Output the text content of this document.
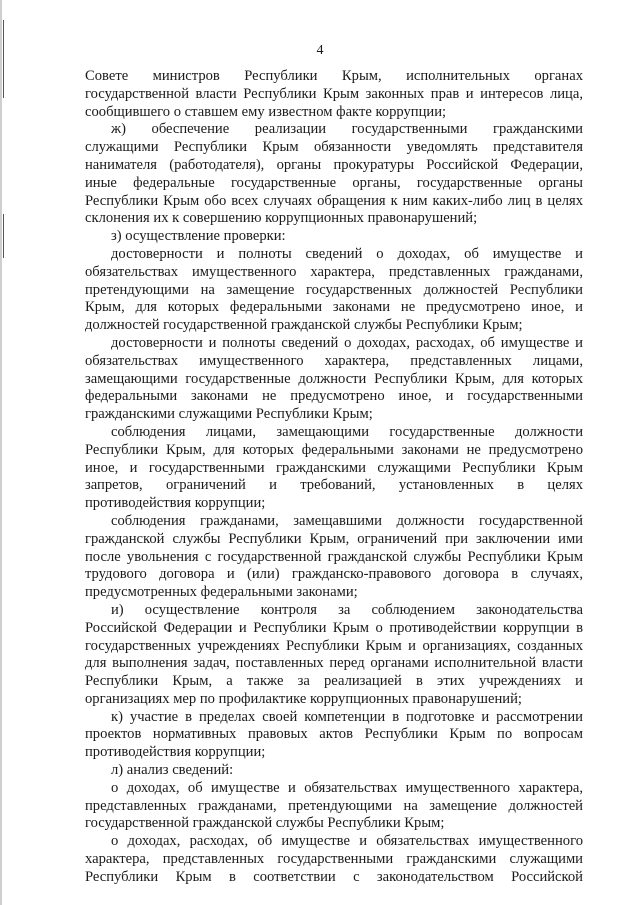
4
Совете министров Республики Крым, исполнительных органах
государственной власти Республики Крым законных прав и интересов лица,
сообщившего о ставшем ему известном факте коррупции;
ж) обеспечение реализации государственными гражданскими
служащими Республики Крым обязанности уведомлять представителя
нанимателя (работодателя), органы прокуратуры Российской Федерации,
иные федеральные государственные органы, государственные органы
Республики Крым обо всех случаях обращения к ним каких-либо лиц в целях
склонения их к совершению коррупционных правонарушений;
з) осуществление проверки:
достоверности и полноты сведений о доходах, об имуществе и
обязательствах имущественного характера, представленных гражданами,
претендующими на замещение государственных должностей Республики
Крым, для которых федеральными законами не предусмотрено иное, и
должностей государственной гражданской службы Республики Крым;
достоверности и полноты сведений о доходах, расходах, об имуществе и
обязательствах имущественного характера, представленных лицами,
замещающими государственные должности Республики Крым, для которых
федеральными законами не предусмотрено иное, и государственными
гражданскими служащими Республики Крым;
соблюдения лицами, замещающими государственные должности
Республики Крым, для которых федеральными законами не предусмотрено
иное, и государственными гражданскими служащими Республики Крым
запретов, ограничений и требований, установленных в целях
противодействия коррупции;
соблюдения гражданами, замещавшими должности государственной
гражданской службы Республики Крым, ограничений при заключении ими
после увольнения с государственной гражданской службы Республики Крым
трудового договора и (или) гражданско-правового договора в случаях,
предусмотренных федеральными законами;
и) осуществление контроля за соблюдением законодательства
Российской Федерации и Республики Крым о противодействии коррупции в
государственных учреждениях Республики Крым и организациях, созданных
для выполнения задач, поставленных перед органами исполнительной власти
Республики Крым, а также за реализацией в этих учреждениях и
организациях мер по профилактике коррупционных правонарушений;
к) участие в пределах своей компетенции в подготовке и рассмотрении
проектов нормативных правовых актов Республики Крым по вопросам
противодействия коррупции;
л) анализ сведений:
о доходах, об имуществе и обязательствах имущественного характера,
представленных гражданами, претендующими на замещение должностей
государственной гражданской службы Республики Крым;
о доходах, расходах, об имуществе и обязательствах имущественного
характера, представленных государственными гражданскими служащими
Республики Крым в соответствии с законодательством Российской
